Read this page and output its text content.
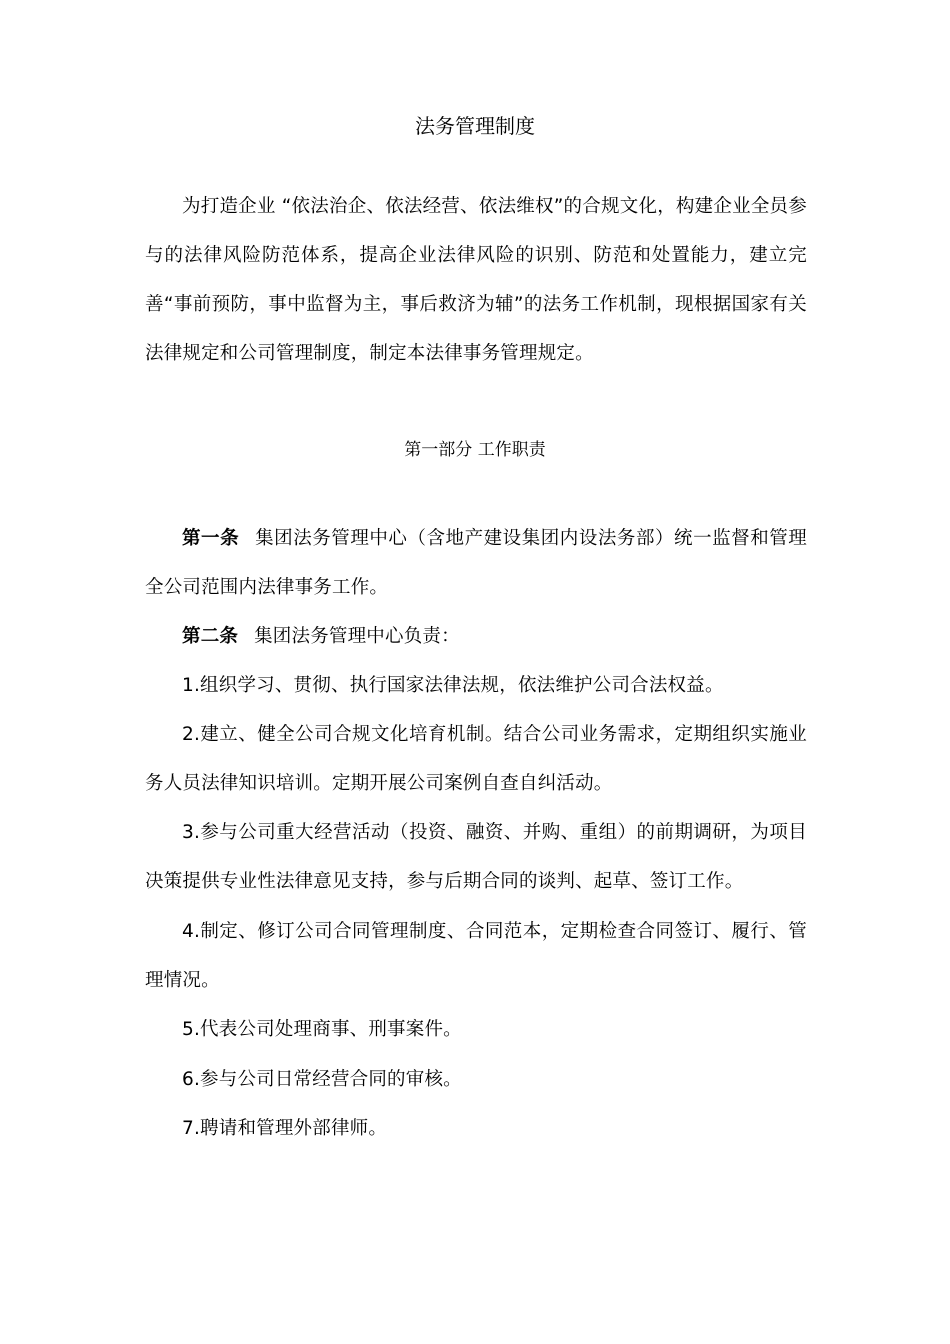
法务管理制度

为打造企业 “依法治企、依法经营、依法维权”的合规文化，构建企业全员参与的法律风险防范体系，提高企业法律风险的识别、防范和处置能力，建立完善“事前预防，事中监督为主，事后救济为辅”的法务工作机制，现根据国家有关法律规定和公司管理制度，制定本法律事务管理规定。

第一部分 工作职责

第一条 集团法务管理中心（含地产建设集团内设法务部）统一监督和管理全公司范围内法律事务工作。

第二条 集团法务管理中心负责：

1.组织学习、贯彻、执行国家法律法规，依法维护公司合法权益。

2.建立、健全公司合规文化培育机制。结合公司业务需求，定期组织实施业务人员法律知识培训。定期开展公司案例自查自纠活动。

3.参与公司重大经营活动（投资、融资、并购、重组）的前期调研，为项目决策提供专业性法律意见支持，参与后期合同的谈判、起草、签订工作。

4.制定、修订公司合同管理制度、合同范本，定期检查合同签订、履行、管理情况。

5.代表公司处理商事、刑事案件。

6.参与公司日常经营合同的审核。

7.聘请和管理外部律师。
